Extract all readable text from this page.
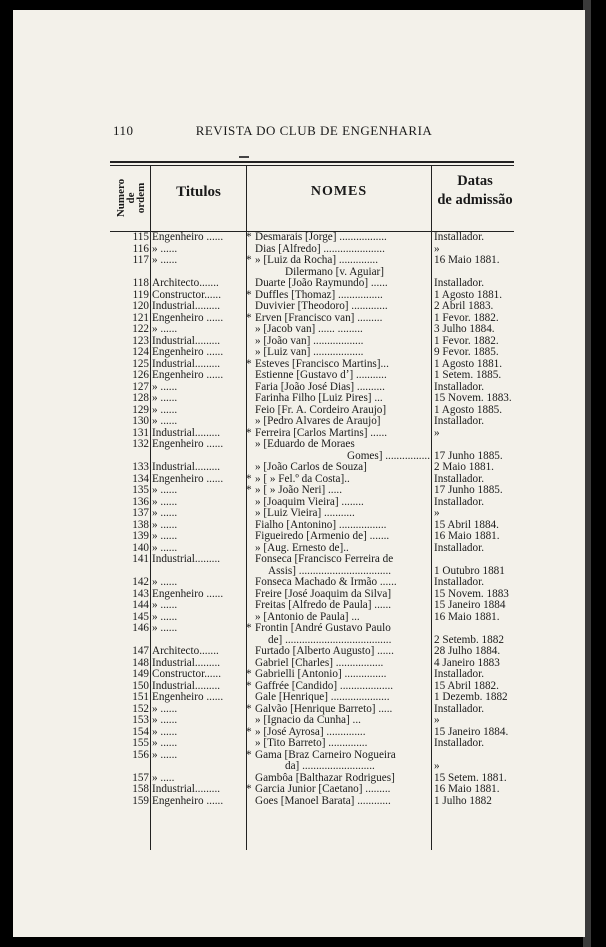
110	REVISTA DO CLUB DE ENGENHARIA
Numero
de
ordem	Titulos	NOMES
Datas
de admissão
115 Engenheiro ......	* Desmarais [Jorge] .................	Installador.
116 » ......	Dias [Alfredo] ......................	»
117 » ......	* » [Luiz da Rocha] ..............	16 Maio 1881.
Dilermano [v. Aguiar]
118 Architecto.......	Duarte [João Raymundo] ......	Installador.
119 Constructor......	* Duffles [Thomaz] ................	1 Agosto 1881.
120 Industrial.........	Duvivier [Theodoro] .............	2 Abril 1883.
121 Engenheiro ......	* Erven [Francisco van] .........	1 Fevor. 1882.
122 » ......	» [Jacob van] ...... .........	3 Julho 1884.
123 Industrial.........	» [João van] ..................	1 Fevor. 1882.
124 Engenheiro ......	» [Luiz van] ..................	9 Fevor. 1885.
125 Industrial.........	* Esteves [Francisco Martins]...	1 Agosto 1881.
126 Engenheiro ......	Estienne [Gustavo dʼ] ...........	1 Setem. 1885.
127 » ......	Faria [João José Dias] ..........	Installador.
128 » ......	Farinha Filho [Luiz Pires] ...	15 Novem. 1883.
129 » ......	Feio [Fr. A. Cordeiro Araujo]	1 Agosto 1885.
130 » ......	» [Pedro Alvares de Araujo]	Installador.
131 Industrial.........	* Ferreira [Carlos Martins] ......	»
132 Engenheiro ......	» [Eduardo de Moraes
Gomes] ................ 17 Junho 1885.
133 Industrial.........	» [João Carlos de Souza]	2 Maio 1881.
134 Engenheiro ......	* » [ » Fel.º da Costa]..	Installador.
135 » ......	* » [ » João Neri] .....	17 Junho 1885.
136 » ......	» [Joaquim Vieira] ........	Installador.
137 » ......	» [Luiz Vieira] ...........	»
138 » ......	Fialho [Antonino] .................	15 Abril 1884.
139 » ......	Figueiredo [Armenio de] .......	16 Maio 1881.
140 » ......	» [Aug. Ernesto de]..	Installador.
141 Industrial.........	Fonseca [Francisco Ferreira de
Assis] .................................	1 Outubro 1881
142 » ......	Fonseca Machado & Irmão ......	Installador.
143 Engenheiro ......	Freire [José Joaquim da Silva]	15 Novem. 1883
144 » ......	Freitas [Alfredo de Paula] ......	15 Janeiro 1884
145 » ......	» [Antonio de Paula] ...	16 Maio 1881.
146 » ......	* Frontin [André Gustavo Paulo
de] ......................................	2 Setemb. 1882
147 Architecto.......	Furtado [Alberto Augusto] ......	28 Julho 1884.
148 Industrial.........	Gabriel [Charles] .................	4 Janeiro 1883
149 Constructor......	* Gabrielli [Antonio] ...............	Installador.
150 Industrial.........	* Gaffrée [Candido] ...................	15 Abril 1882.
151 Engenheiro ......	Gale [Henrique] .....................	1 Dezemb. 1882
152 » ......	* Galvão [Henrique Barreto] .....	Installador.
153 » ......	» [Ignacio da Cunha] ...	»
154 » ......	* » [José Ayrosa] ..............	15 Janeiro 1884.
155 » ......	» [Tito Barreto] ..............	Installador.
156 » ......	* Gama [Braz Carneiro Nogueira
da] ..........................	»
157 » .....	Gambôa [Balthazar Rodrigues]	15 Setem. 1881.
158 Industrial.........	* Garcia Junior [Caetano] .........	16 Maio 1881.
159 Engenheiro ......	Goes [Manoel Barata] ............	1 Julho 1882
